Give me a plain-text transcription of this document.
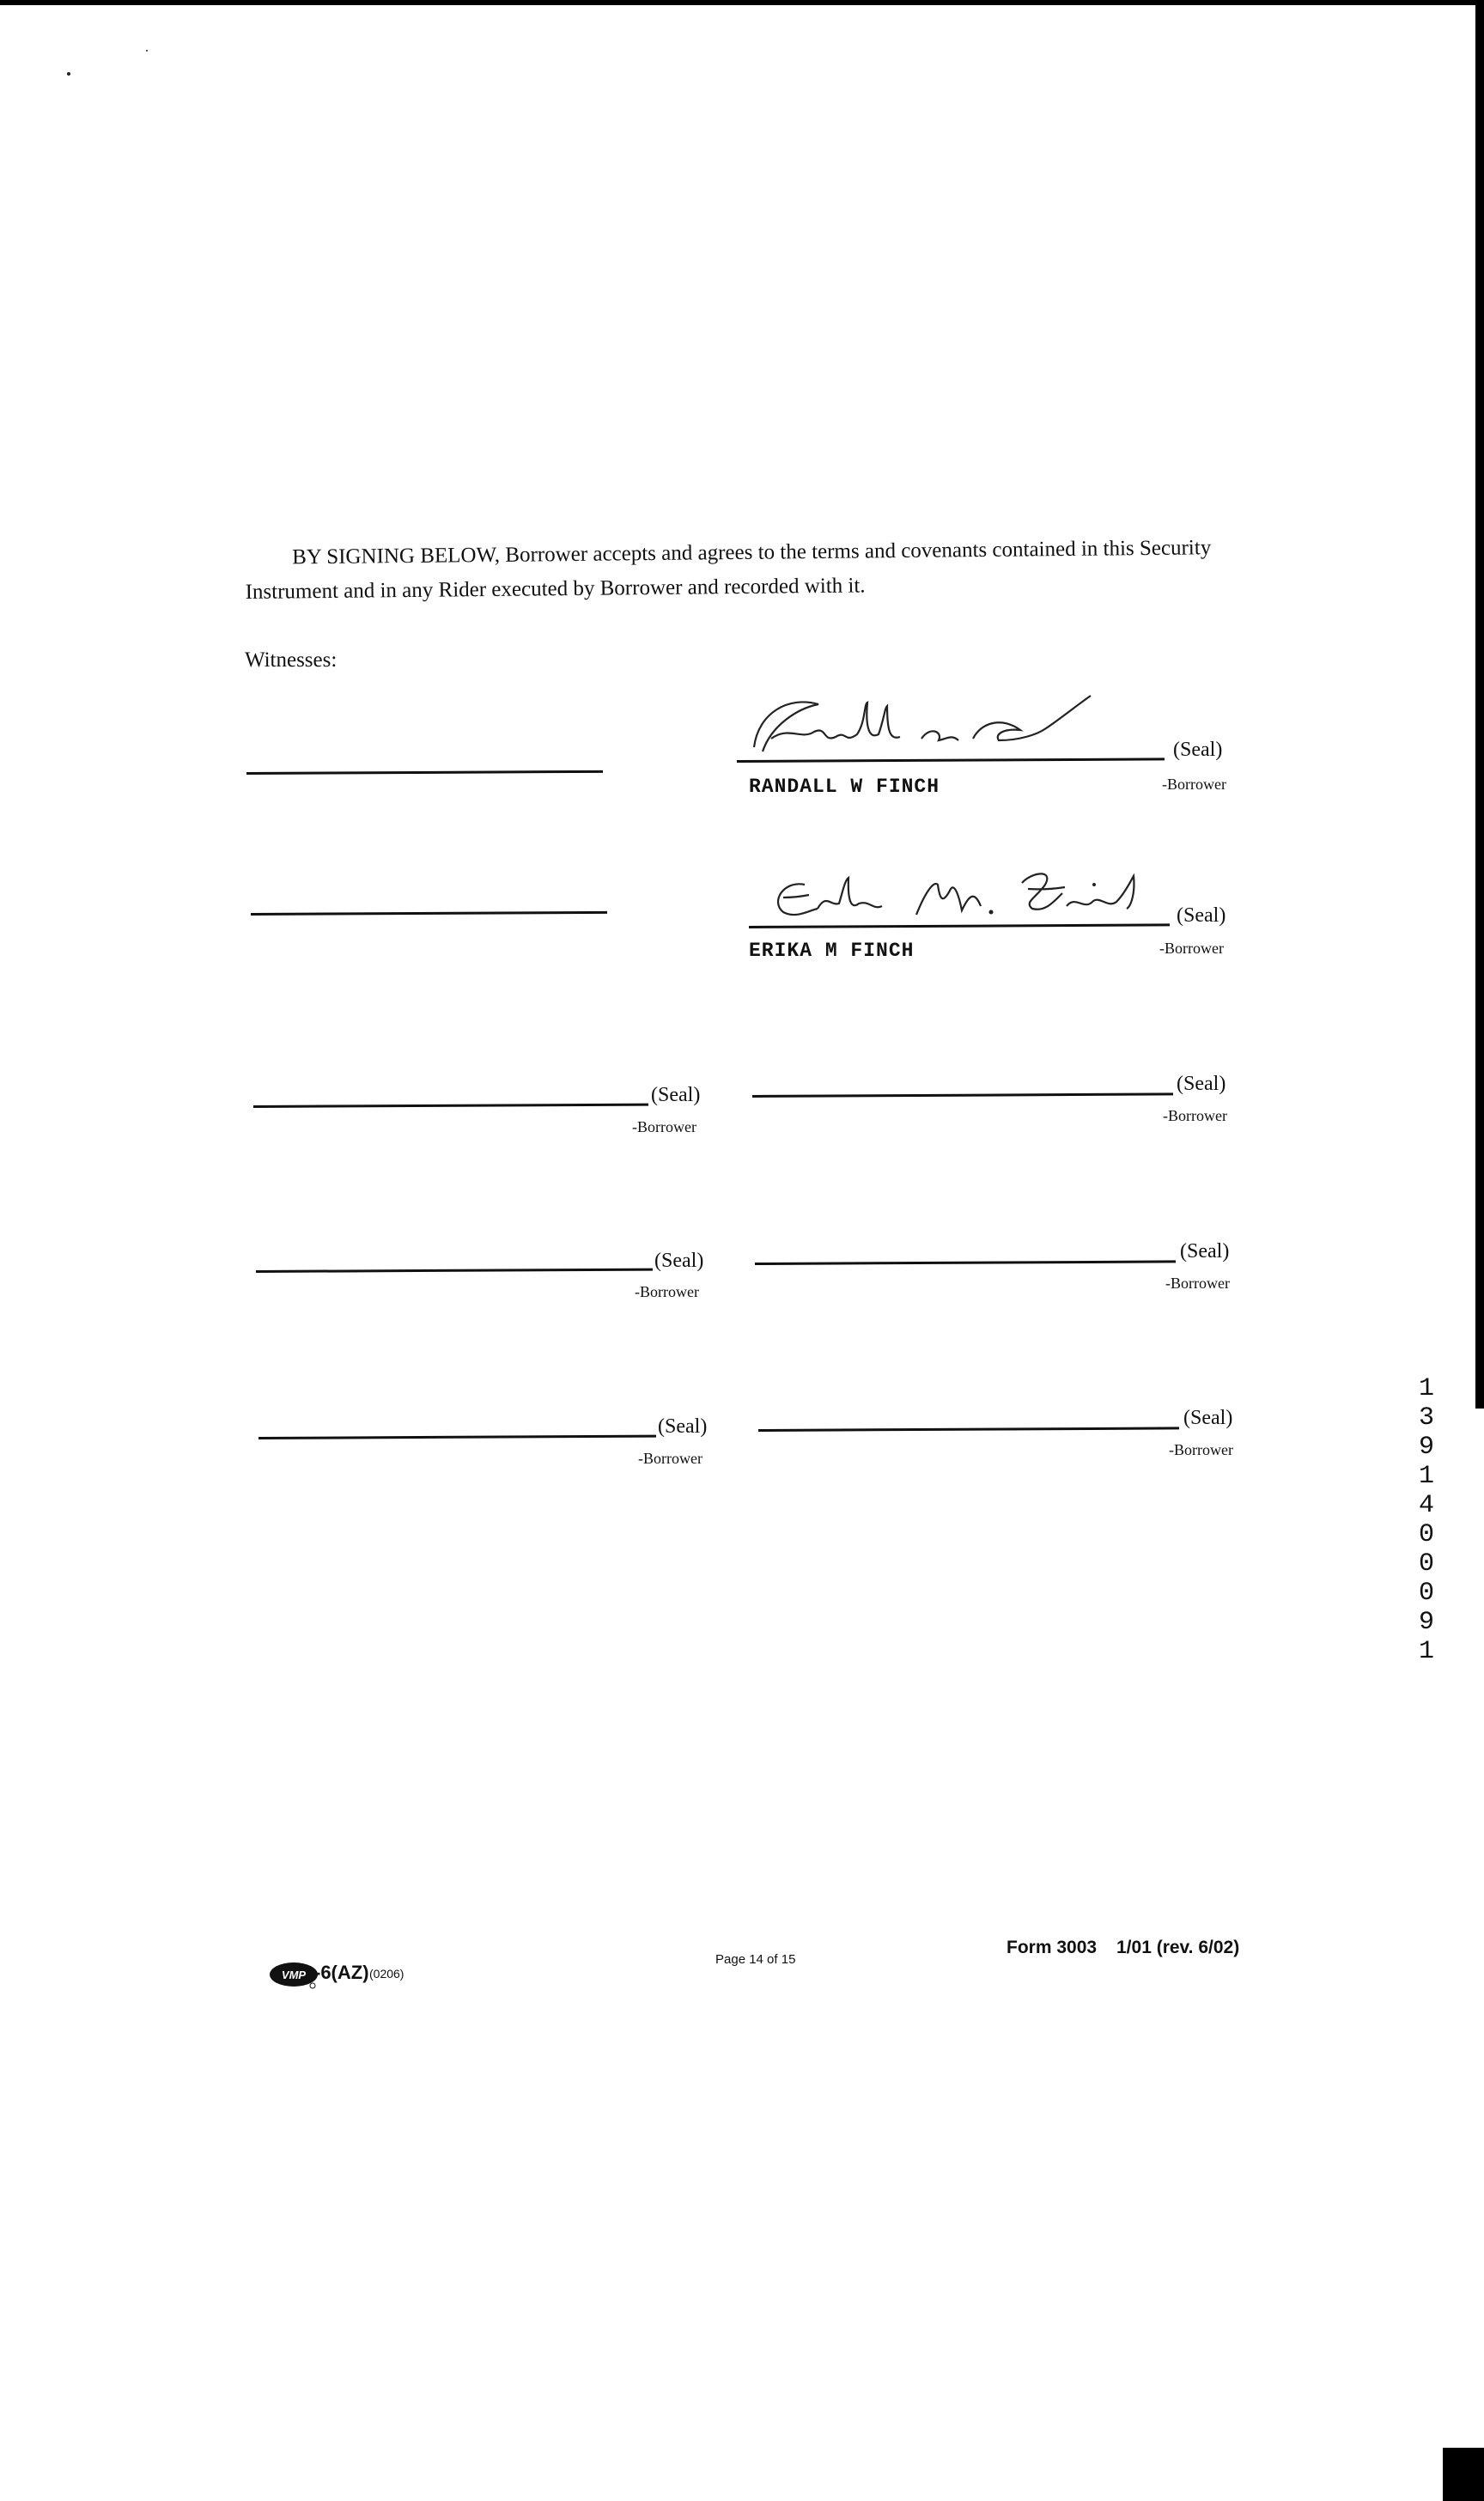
BY SIGNING BELOW, Borrower accepts and agrees to the terms and covenants contained in this Security Instrument and in any Rider executed by Borrower and recorded with it.
Witnesses:
(Seal)
RANDALL W FINCH	-Borrower
(Seal)
ERIKA M FINCH	-Borrower
(Seal)
-Borrower
(Seal)
-Borrower
(Seal)
-Borrower
(Seal)
-Borrower
(Seal)
-Borrower
(Seal)
-Borrower
13914 00091
VMP -6(AZ) (0206)
Page 14 of 15
Form 3003 1/01 (rev. 6/02)
